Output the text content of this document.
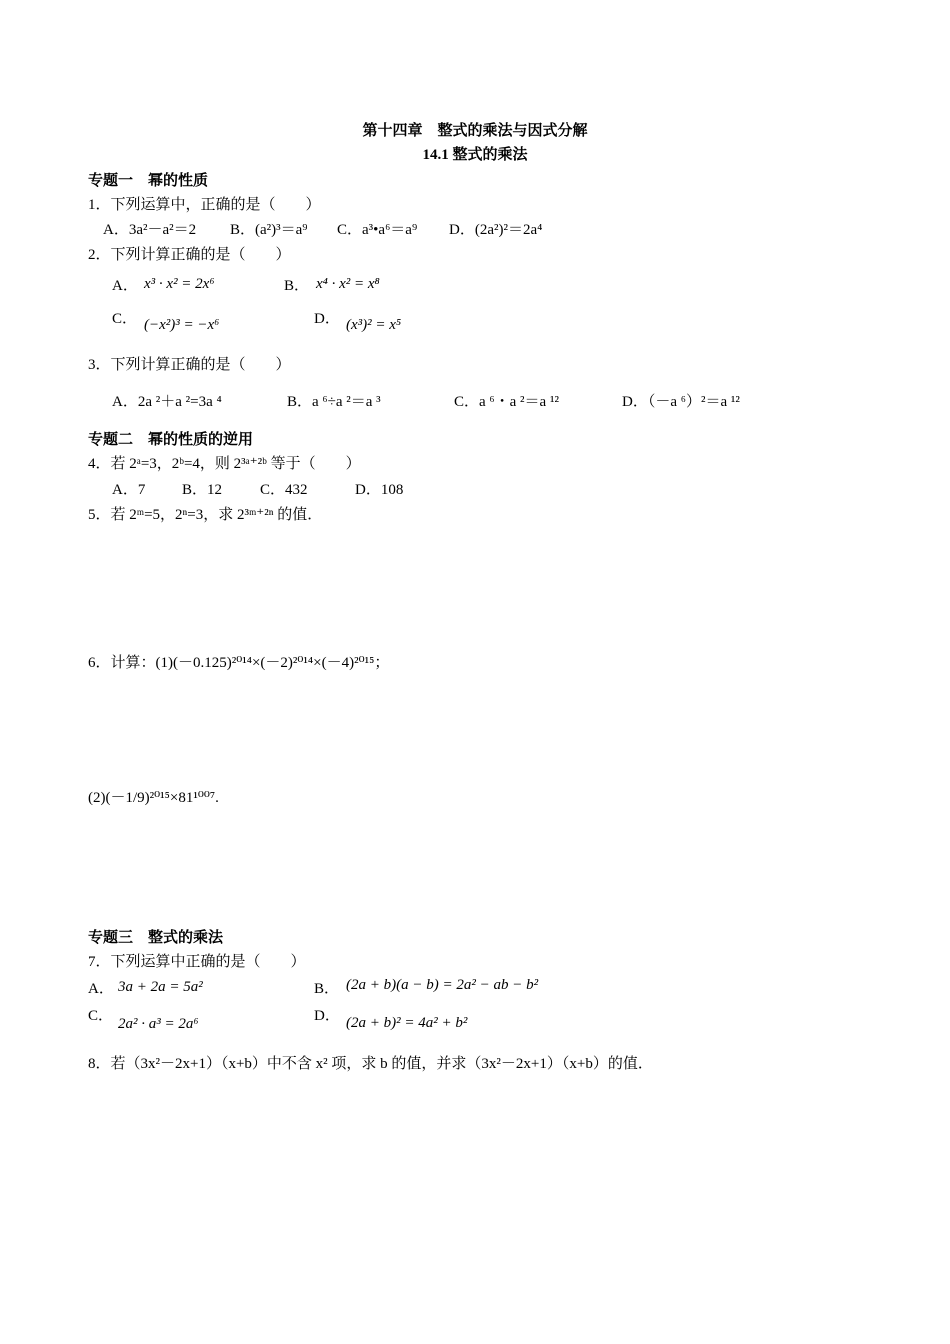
第十四章　整式的乘法与因式分解
14.1 整式的乘法
专题一　幂的性质
1．下列运算中，正确的是（　　）
A．3a²－a²＝2 B．(a²)³＝a⁹ C．a³•a⁶＝a⁹ D．(2a²)²＝2a⁴
2．下列计算正确的是（　　）
A． x³ · x² = 2x⁶	B． x⁴ · x² = x⁸
C． (−x²)³ = −x⁶	D． (x³)² = x⁵
3．下列计算正确的是（　　）
A．2a ²＋a ²=3a ⁴	B．a ⁶÷a ²＝a ³	C．a ⁶・a ²＝a ¹²	D．（－a ⁶）²＝a ¹²
专题二　幂的性质的逆用
4．若 2ᵃ=3，2ᵇ=4，则 2³ᵃ⁺²ᵇ 等于（　　）
A．7 B．12	C．432	D．108
5．若 2ᵐ=5，2ⁿ=3，求 2³ᵐ⁺²ⁿ 的值．
6．计算：(1)(－0.125)²⁰¹⁴×(－2)²⁰¹⁴×(－4)²⁰¹⁵；
(2)(－1/9)²⁰¹⁵×81¹⁰⁰⁷.
专题三　整式的乘法
7．下列运算中正确的是（　　）
A． 3a + 2a = 5a²	B． (2a + b)(a − b) = 2a² − ab − b²
C． 2a² · a³ = 2a⁶	D． (2a + b)² = 4a² + b²
8．若（3x²－2x+1）（x+b）中不含 x² 项，求 b 的值，并求（3x²－2x+1）（x+b）的值．
